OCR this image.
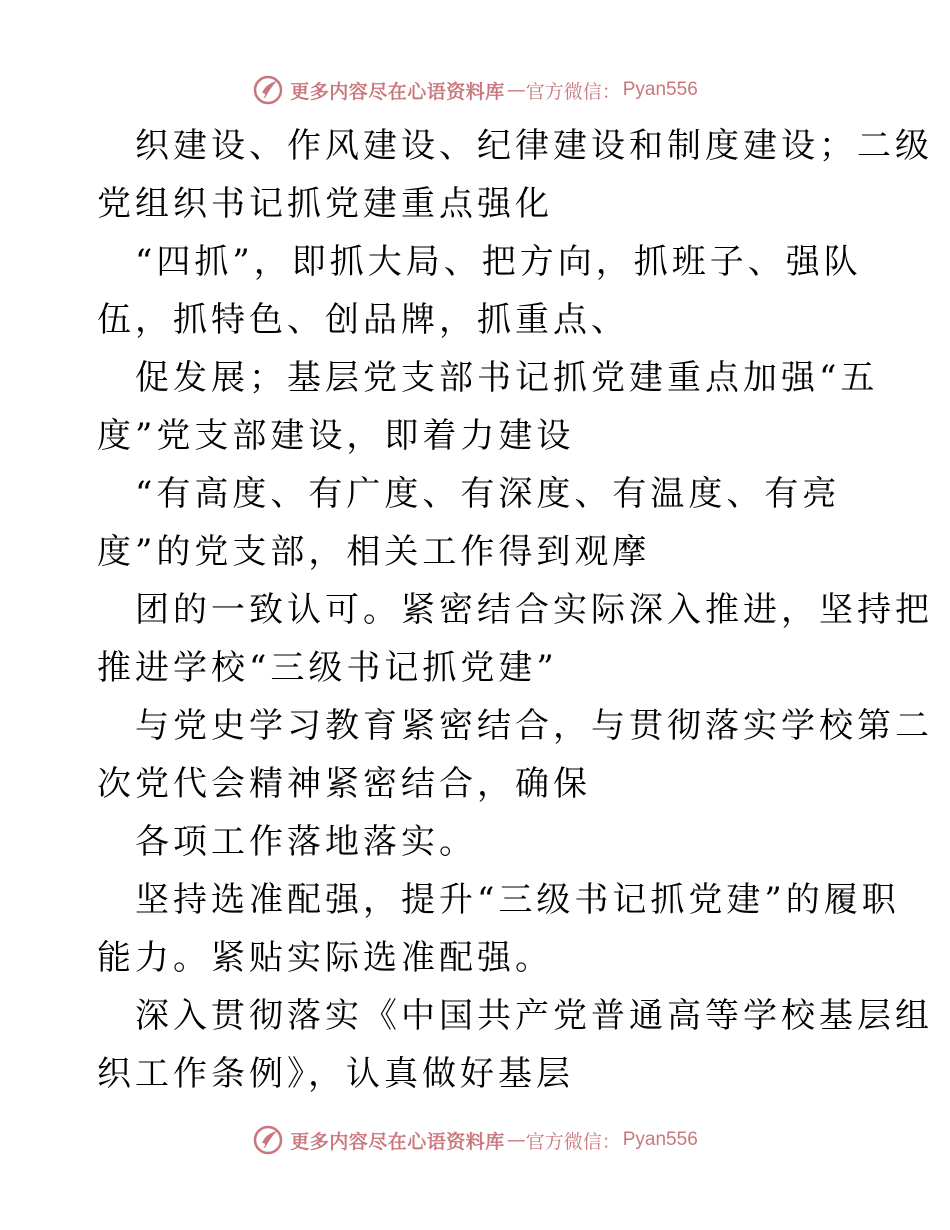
更多内容尽在心语资料库 — 官方微信： Pyan556
织建设、作风建设、纪律建设和制度建设；二级
党组织书记抓党建重点强化
“四抓”，即抓大局、把方向，抓班子、强队
伍，抓特色、创品牌，抓重点、
促发展；基层党支部书记抓党建重点加强“五
度”党支部建设，即着力建设
“有高度、有广度、有深度、有温度、有亮
度”的党支部，相关工作得到观摩
团的一致认可。紧密结合实际深入推进，坚持把
推进学校“三级书记抓党建”
与党史学习教育紧密结合，与贯彻落实学校第二
次党代会精神紧密结合，确保
各项工作落地落实。
坚持选准配强，提升“三级书记抓党建”的履职
能力。紧贴实际选准配强。
深入贯彻落实《中国共产党普通高等学校基层组
织工作条例》，认真做好基层
更多内容尽在心语资料库 — 官方微信： Pyan556
